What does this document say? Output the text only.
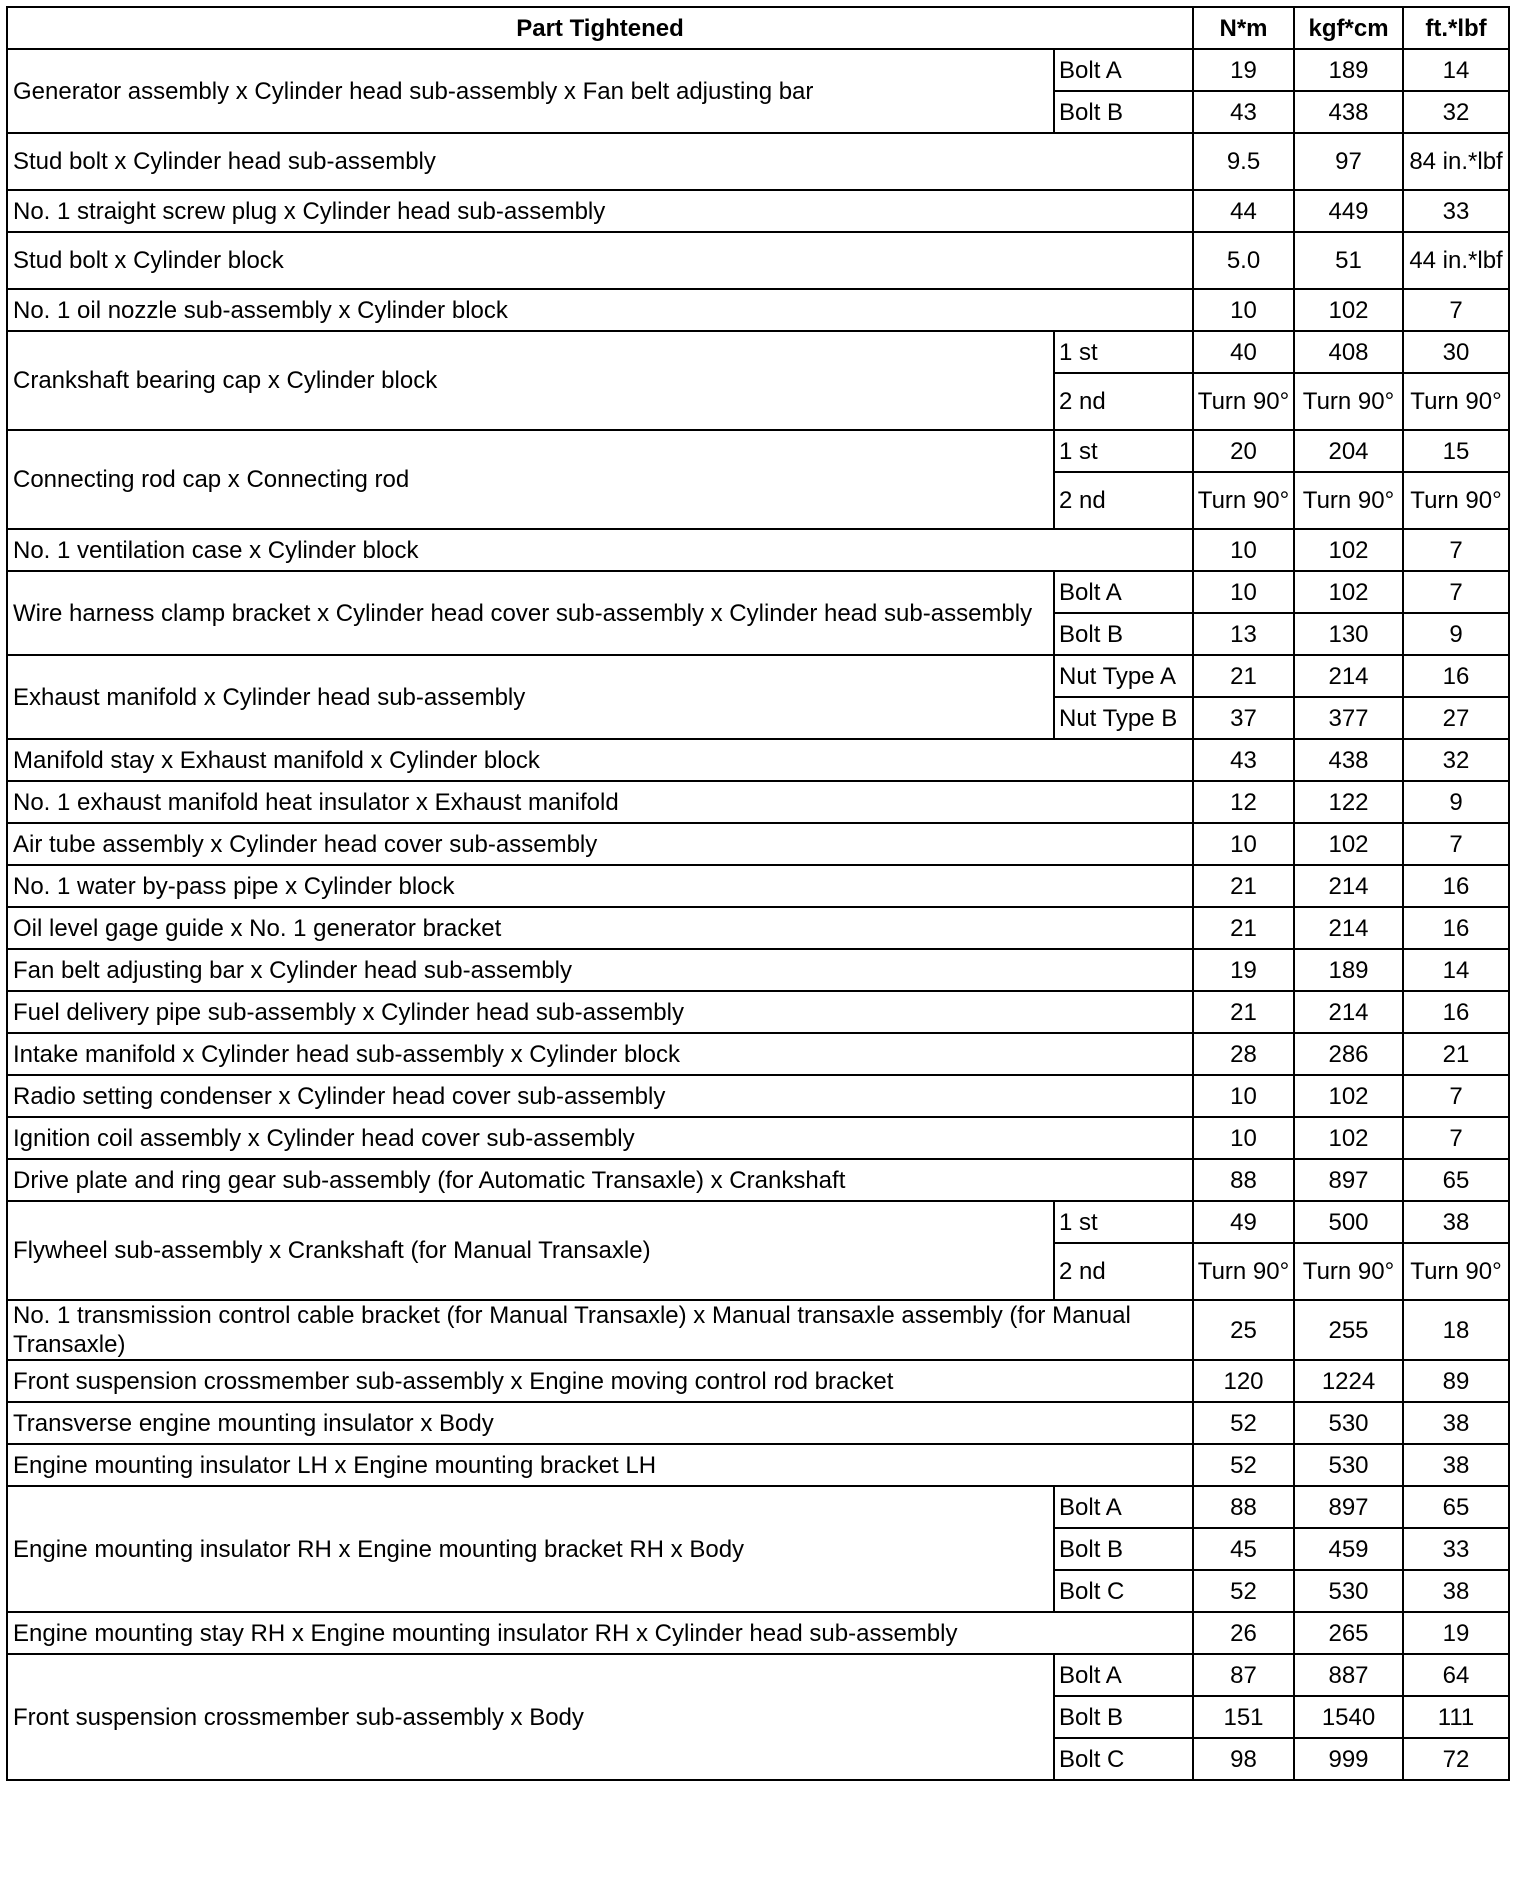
Part Tightened		N*m	kgf*cm	ft.*lbf
Generator assembly x Cylinder head sub-assembly x Fan belt adjusting bar	Bolt A	19	189	14
	Bolt B	43	438	32
Stud bolt x Cylinder head sub-assembly		9.5	97	84 in.*lbf
No. 1 straight screw plug x Cylinder head sub-assembly		44	449	33
Stud bolt x Cylinder block		5.0	51	44 in.*lbf
No. 1 oil nozzle sub-assembly x Cylinder block		10	102	7
Crankshaft bearing cap x Cylinder block	1 st	40	408	30
	2 nd	Turn 90°	Turn 90°	Turn 90°
Connecting rod cap x Connecting rod	1 st	20	204	15
	2 nd	Turn 90°	Turn 90°	Turn 90°
No. 1 ventilation case x Cylinder block		10	102	7
Wire harness clamp bracket x Cylinder head cover sub-assembly x Cylinder head sub-assembly	Bolt A	10	102	7
	Bolt B	13	130	9
Exhaust manifold x Cylinder head sub-assembly	Nut Type A	21	214	16
	Nut Type B	37	377	27
Manifold stay x Exhaust manifold x Cylinder block		43	438	32
No. 1 exhaust manifold heat insulator x Exhaust manifold		12	122	9
Air tube assembly x Cylinder head cover sub-assembly		10	102	7
No. 1 water by-pass pipe x Cylinder block		21	214	16
Oil level gage guide x No. 1 generator bracket		21	214	16
Fan belt adjusting bar x Cylinder head sub-assembly		19	189	14
Fuel delivery pipe sub-assembly x Cylinder head sub-assembly		21	214	16
Intake manifold x Cylinder head sub-assembly x Cylinder block		28	286	21
Radio setting condenser x Cylinder head cover sub-assembly		10	102	7
Ignition coil assembly x Cylinder head cover sub-assembly		10	102	7
Drive plate and ring gear sub-assembly (for Automatic Transaxle) x Crankshaft		88	897	65
Flywheel sub-assembly x Crankshaft (for Manual Transaxle)	1 st	49	500	38
	2 nd	Turn 90°	Turn 90°	Turn 90°
No. 1 transmission control cable bracket (for Manual Transaxle) x Manual transaxle assembly (for Manual Transaxle)		25	255	18
Front suspension crossmember sub-assembly x Engine moving control rod bracket		120	1224	89
Transverse engine mounting insulator x Body		52	530	38
Engine mounting insulator LH x Engine mounting bracket LH		52	530	38
Engine mounting insulator RH x Engine mounting bracket RH x Body	Bolt A	88	897	65
	Bolt B	45	459	33
	Bolt C	52	530	38
Engine mounting stay RH x Engine mounting insulator RH x Cylinder head sub-assembly		26	265	19
Front suspension crossmember sub-assembly x Body	Bolt A	87	887	64
	Bolt B	151	1540	111
	Bolt C	98	999	72
